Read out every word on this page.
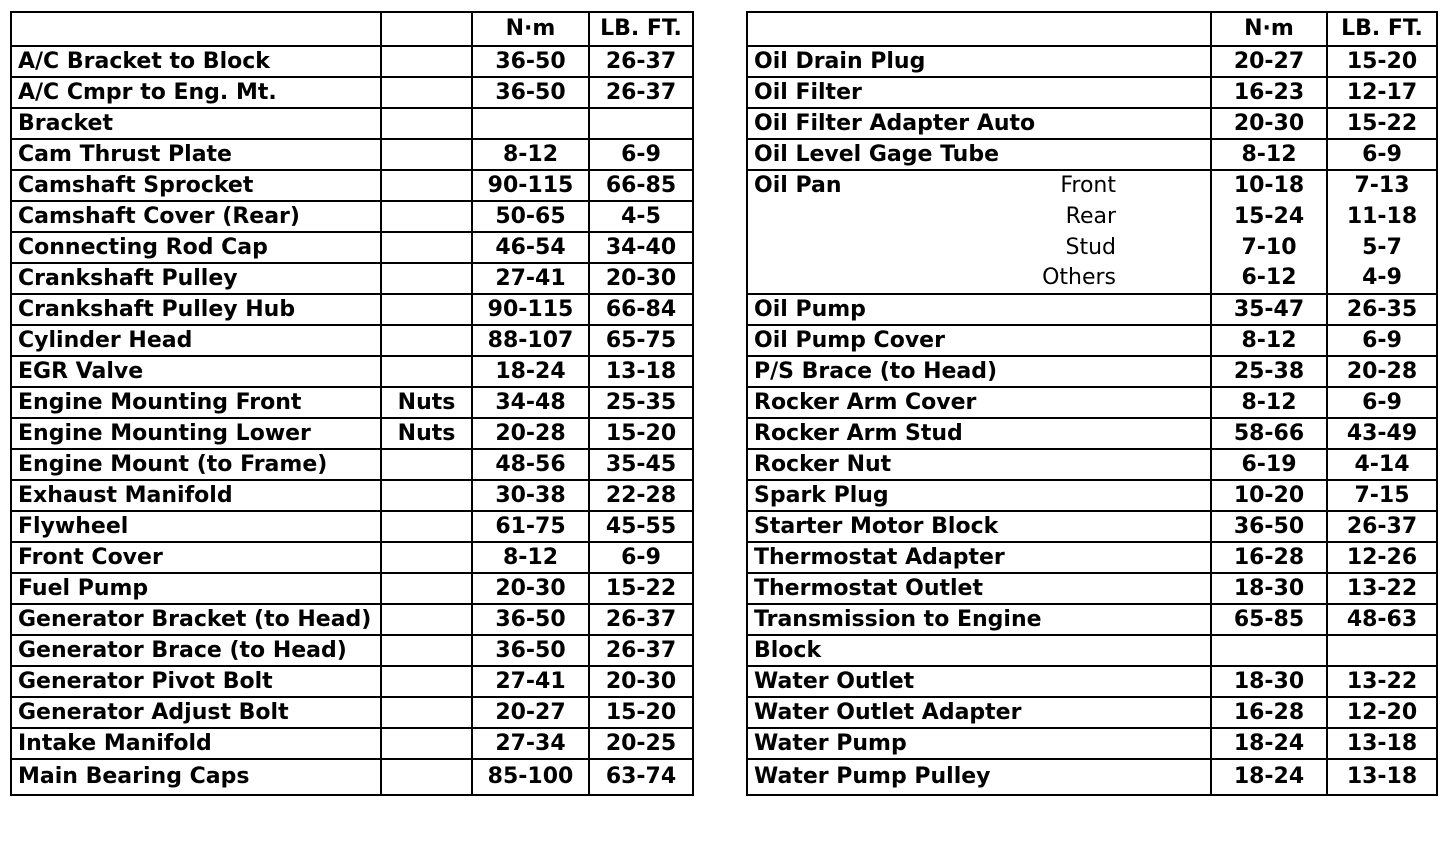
		N·m	LB. FT.
A/C Bracket to Block		36-50	26-37
A/C Cmpr to Eng. Mt.		36-50	26-37
Bracket			
Cam Thrust Plate		8-12	6-9
Camshaft Sprocket		90-115	66-85
Camshaft Cover (Rear)		50-65	4-5
Connecting Rod Cap		46-54	34-40
Crankshaft Pulley		27-41	20-30
Crankshaft Pulley Hub		90-115	66-84
Cylinder Head		88-107	65-75
EGR Valve		18-24	13-18
Engine Mounting Front	Nuts	34-48	25-35
Engine Mounting Lower	Nuts	20-28	15-20
Engine Mount (to Frame)		48-56	35-45
Exhaust Manifold		30-38	22-28
Flywheel		61-75	45-55
Front Cover		8-12	6-9
Fuel Pump		20-30	15-22
Generator Bracket (to Head)		36-50	26-37
Generator Brace (to Head)		36-50	26-37
Generator Pivot Bolt		27-41	20-30
Generator Adjust Bolt		20-27	15-20
Intake Manifold		27-34	20-25
Main Bearing Caps		85-100	63-74
	N·m	LB. FT.
Oil Drain Plug	20-27	15-20
Oil Filter	16-23	12-17
Oil Filter Adapter Auto	20-30	15-22
Oil Level Gage Tube	8-12	6-9
Oil Pan Front	10-18	7-13

Rear	15-24	11-18

Stud	7-10	5-7

Others	6-12	4-9
Oil Pump	35-47	26-35
Oil Pump Cover	8-12	6-9
P/S Brace (to Head)	25-38	20-28
Rocker Arm Cover	8-12	6-9
Rocker Arm Stud	58-66	43-49
Rocker Nut	6-19	4-14
Spark Plug	10-20	7-15
Starter Motor Block	36-50	26-37
Thermostat Adapter	16-28	12-26
Thermostat Outlet	18-30	13-22
Transmission to Engine	65-85	48-63
Block		
Water Outlet	18-30	13-22
Water Outlet Adapter	16-28	12-20
Water Pump	18-24	13-18
Water Pump Pulley	18-24	13-18
